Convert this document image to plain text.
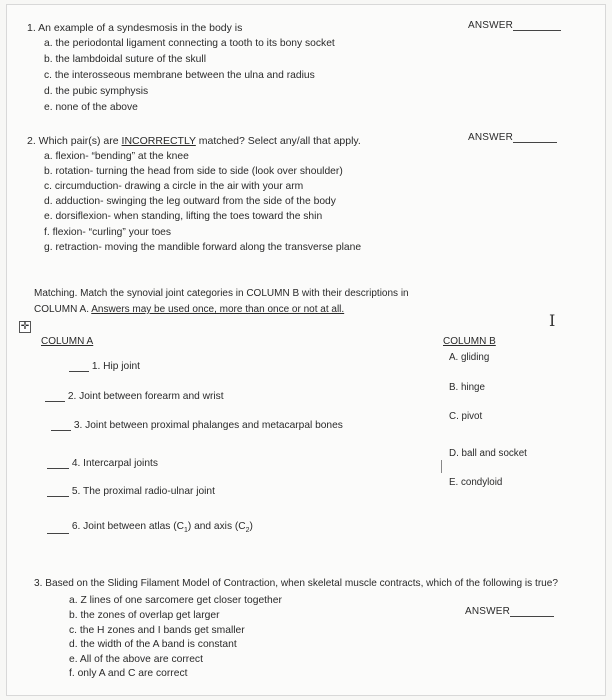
1. An example of a syndesmosis in the body is	ANSWER
a. the periodontal ligament connecting a tooth to its bony socket
b. the lambdoidal suture of the skull
c. the interosseous membrane between the ulna and radius
d. the pubic symphysis
e. none of the above
2. Which pair(s) are INCORRECTLY matched? Select any/all that apply.	ANSWER
a. flexion- “bending” at the knee
b. rotation- turning the head from side to side (look over shoulder)
c. circumduction- drawing a circle in the air with your arm
d. adduction- swinging the leg outward from the side of the body
e. dorsiflexion- when standing, lifting the toes toward the shin
f. flexion- “curling” your toes
g. retraction- moving the mandible forward along the transverse plane
Matching. Match the synovial joint categories in COLUMN B with their descriptions in
COLUMN A. Answers may be used once, more than once or not at all.
✛	I
COLUMN A	COLUMN B
1. Hip joint
2. Joint between forearm and wrist
3. Joint between proximal phalanges and metacarpal bones
4. Intercarpal joints
5. The proximal radio-ulnar joint
6. Joint between atlas $(C_1)$ and axis $(C_2)$
A. gliding
B. hinge
C. pivot
D. ball and socket
E. condyloid
3. Based on the Sliding Filament Model of Contraction, when skeletal muscle contracts, which of the following is true?
a. Z lines of one sarcomere get closer together
b. the zones of overlap get larger	ANSWER
c. the H zones and I bands get smaller
d. the width of the A band is constant
e. All of the above are correct
f. only A and C are correct
